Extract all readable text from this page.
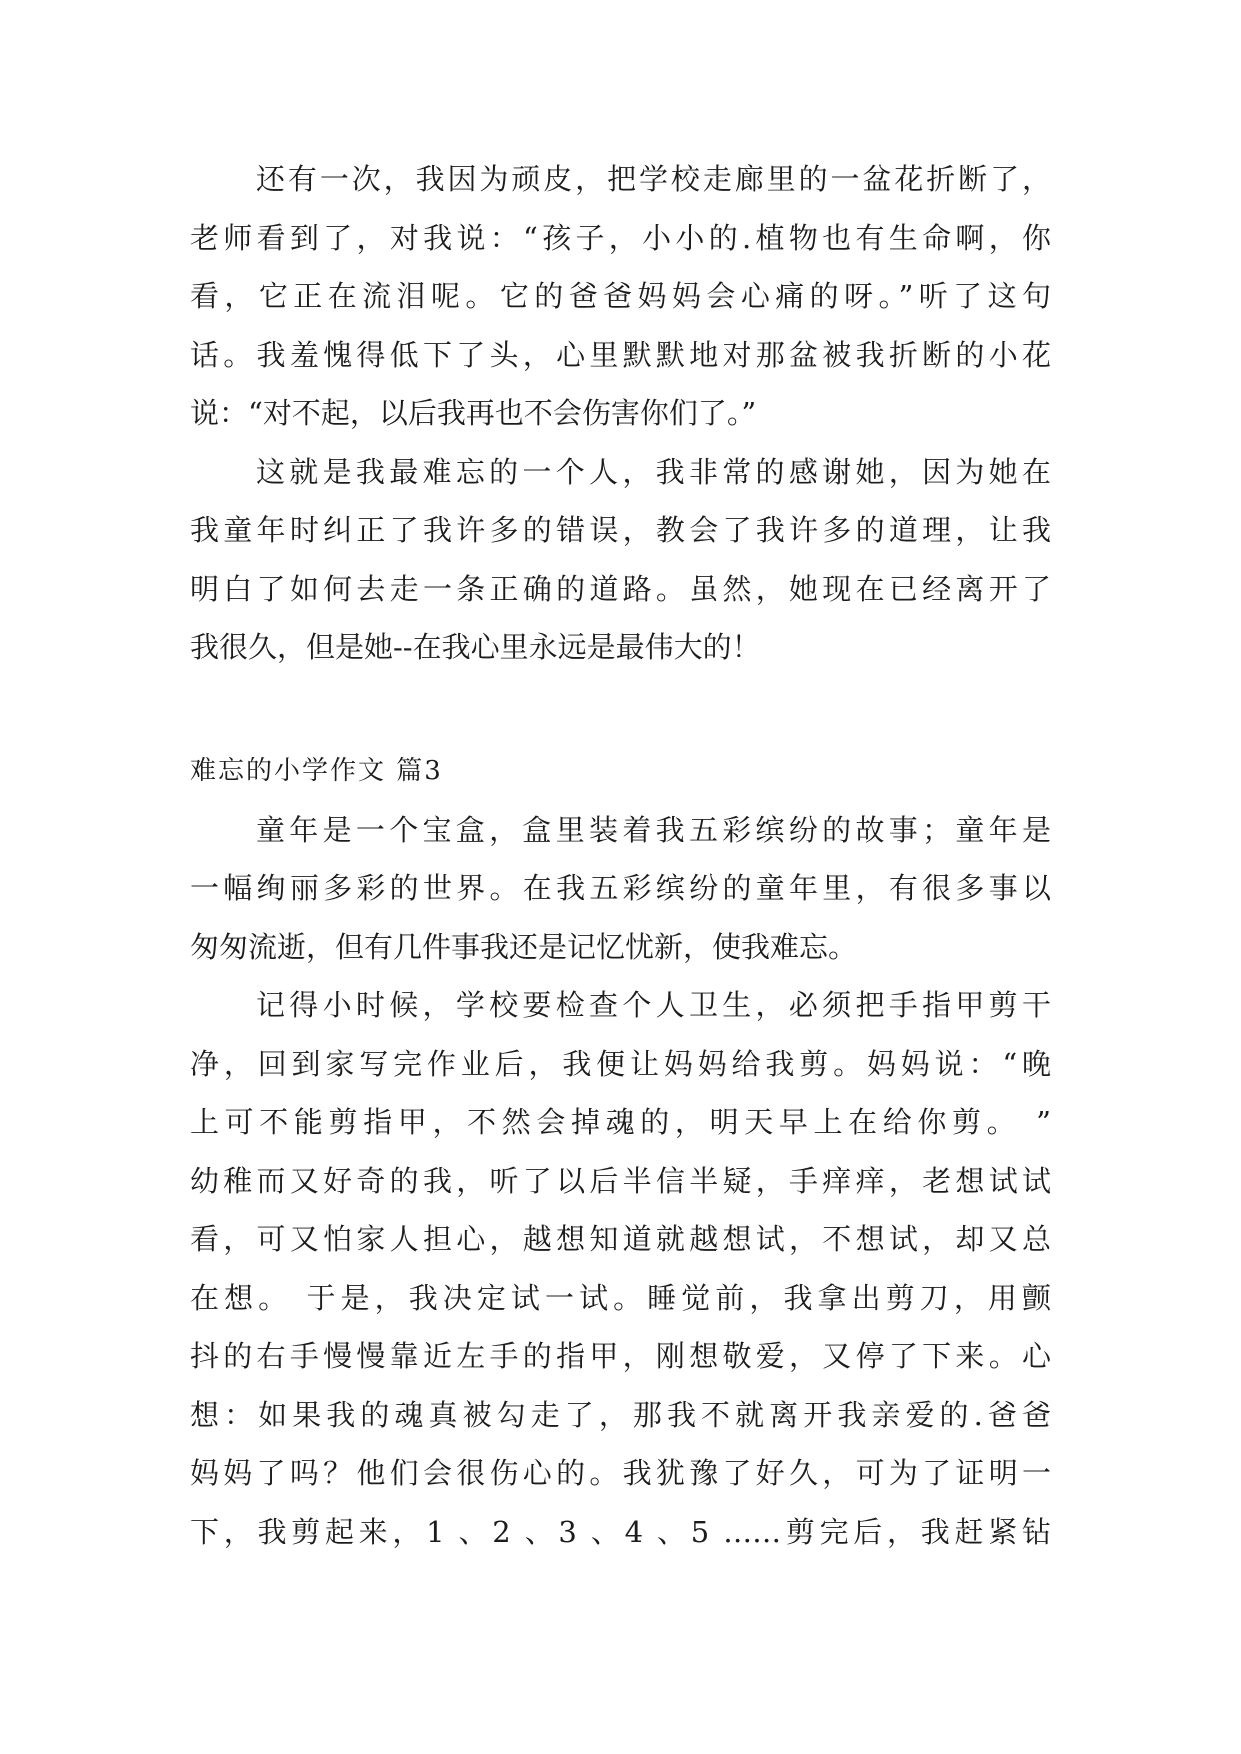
还有一次，我因为顽皮，把学校走廊里的一盆花折断了，
老师看到了，对我说：“孩子，小小的.植物也有生命啊，你
看，它正在流泪呢。它的爸爸妈妈会心痛的呀。”听了这句
话。我羞愧得低下了头，心里默默地对那盆被我折断的小花
说：“对不起，以后我再也不会伤害你们了。”
这就是我最难忘的一个人，我非常的感谢她，因为她在
我童年时纠正了我许多的错误，教会了我许多的道理，让我
明白了如何去走一条正确的道路。虽然，她现在已经离开了
我很久，但是她--在我心里永远是最伟大的！
难忘的小学作文 篇3
童年是一个宝盒，盒里装着我五彩缤纷的故事；童年是
一幅绚丽多彩的世界。在我五彩缤纷的童年里，有很多事以
匆匆流逝，但有几件事我还是记忆忧新，使我难忘。
记得小时候，学校要检查个人卫生，必须把手指甲剪干
净，回到家写完作业后，我便让妈妈给我剪。妈妈说：“晚
上可不能剪指甲，不然会掉魂的，明天早上在给你剪。 ”
幼稚而又好奇的我，听了以后半信半疑，手痒痒，老想试试
看，可又怕家人担心，越想知道就越想试，不想试，却又总
在想。 于是，我决定试一试。睡觉前，我拿出剪刀，用颤
抖的右手慢慢靠近左手的指甲，刚想敬爱，又停了下来。心
想：如果我的魂真被勾走了，那我不就离开我亲爱的.爸爸
妈妈了吗？他们会很伤心的。我犹豫了好久，可为了证明一
下，我剪起来，1 、2 、3 、4 、5 ……剪完后，我赶紧钻
